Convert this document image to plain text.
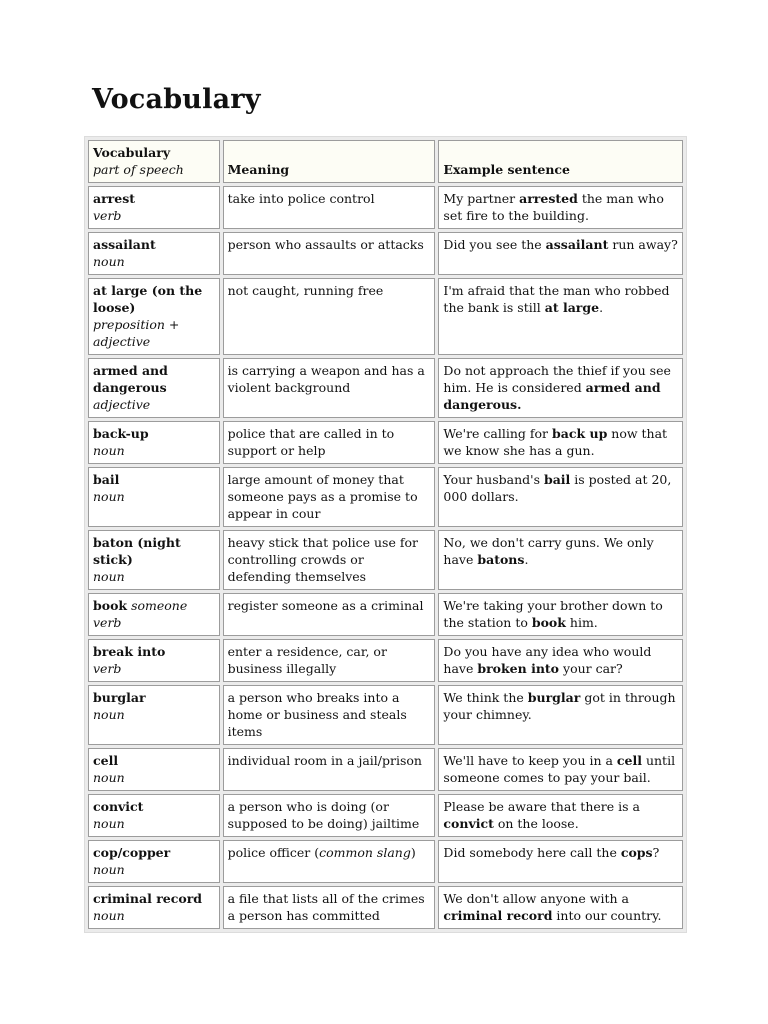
Vocabulary
Vocabulary
part of speech	Meaning	Example sentence

arrest
verb	take into police control	My partner arrested the man who set fire to the building.
assailant
noun	person who assaults or attacks	Did you see the assailant run away?
at large (on the loose)
preposition + adjective	not caught, running free	I'm afraid that the man who robbed the bank is still at large.
armed and dangerous
adjective	is carrying a weapon and has a violent background	Do not approach the thief if you see him. He is considered armed and dangerous.
back-up
noun	police that are called in to support or help	We're calling for back up now that we know she has a gun.
bail
noun	large amount of money that someone pays as a promise to appear in cour	Your husband's bail is posted at 20, 000 dollars.
baton (night stick)
noun	heavy stick that police use for controlling crowds or defending themselves	No, we don't carry guns. We only have batons.
book someone
verb	register someone as a criminal	We're taking your brother down to the station to book him.
break into
verb	enter a residence, car, or business illegally	Do you have any idea who would have broken into your car?
burglar
noun	a person who breaks into a home or business and steals items	We think the burglar got in through your chimney.
cell
noun	individual room in a jail/prison	We'll have to keep you in a cell until someone comes to pay your bail.
convict
noun	a person who is doing (or supposed to be doing) jailtime	Please be aware that there is a convict on the loose.
cop/copper
noun	police officer (common slang)	Did somebody here call the cops?
criminal record
noun	a file that lists all of the crimes a person has committed	We don't allow anyone with a criminal record into our country.
